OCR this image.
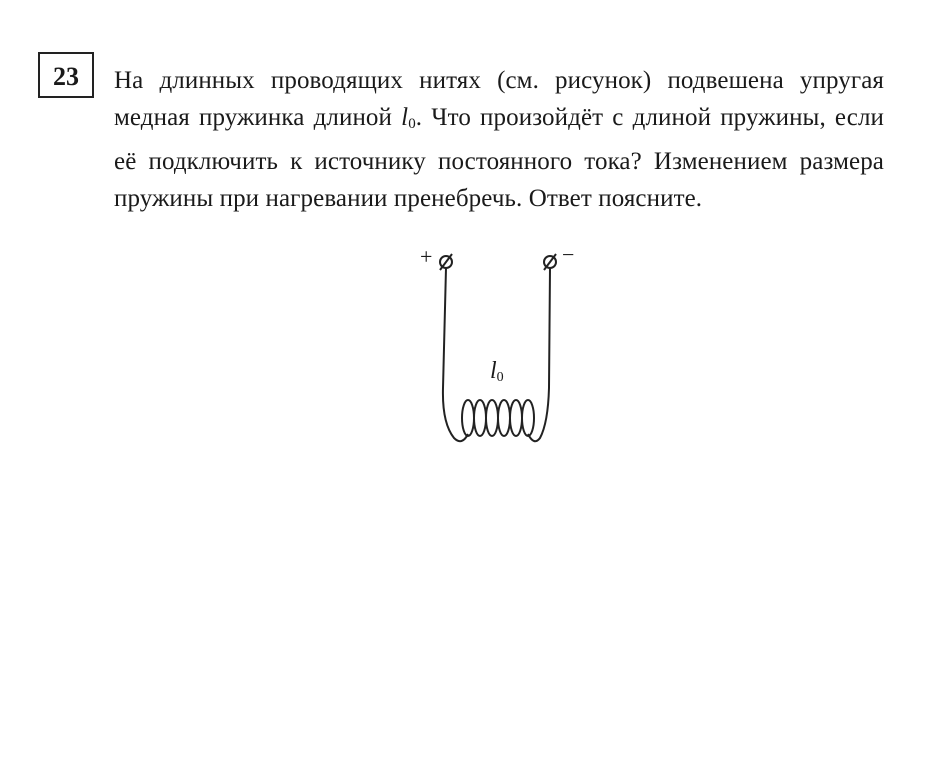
23	На длинных проводящих нитях (см. рисунок) подвешена упругая медная пружинка длиной $l_0$. Что произойдёт с длиной пружины, если её подключить к источнику постоянного тока? Изменением размера пружины при нагревании пренебречь. Ответ поясните.
+	−
$l_0$
